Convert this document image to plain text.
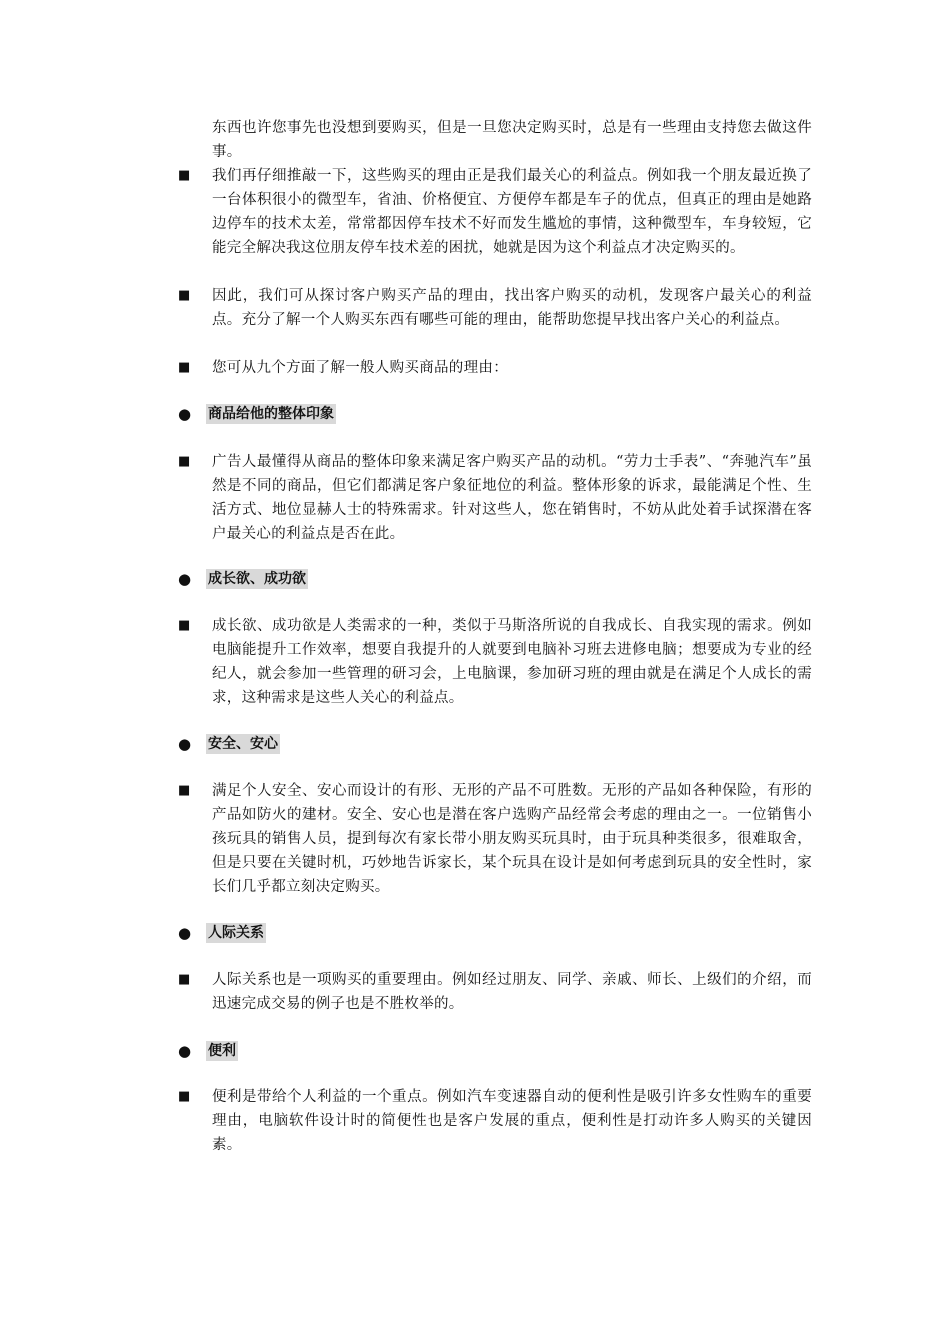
东西也许您事先也没想到要购买，但是一旦您决定购买时，总是有一些理由支持您去做这件事。
■ 我们再仔细推敲一下，这些购买的理由正是我们最关心的利益点。例如我一个朋友最近换了一台体积很小的微型车，省油、价格便宜、方便停车都是车子的优点，但真正的理由是她路边停车的技术太差，常常都因停车技术不好而发生尴尬的事情，这种微型车，车身较短，它能完全解决我这位朋友停车技术差的困扰，她就是因为这个利益点才决定购买的。
■ 因此，我们可从探讨客户购买产品的理由，找出客户购买的动机，发现客户最关心的利益点。充分了解一个人购买东西有哪些可能的理由，能帮助您提早找出客户关心的利益点。
■ 您可从九个方面了解一般人购买商品的理由：
● 商品给他的整体印象
■ 广告人最懂得从商品的整体印象来满足客户购买产品的动机。“劳力士手表”、“奔驰汽车”虽然是不同的商品，但它们都满足客户象征地位的利益。整体形象的诉求，最能满足个性、生活方式、地位显赫人士的特殊需求。针对这些人，您在销售时，不妨从此处着手试探潜在客户最关心的利益点是否在此。
● 成长欲、成功欲
■ 成长欲、成功欲是人类需求的一种，类似于马斯洛所说的自我成长、自我实现的需求。例如电脑能提升工作效率，想要自我提升的人就要到电脑补习班去进修电脑；想要成为专业的经纪人，就会参加一些管理的研习会，上电脑课，参加研习班的理由就是在满足个人成长的需求，这种需求是这些人关心的利益点。
● 安全、安心
■ 满足个人安全、安心而设计的有形、无形的产品不可胜数。无形的产品如各种保险，有形的产品如防火的建材。安全、安心也是潜在客户选购产品经常会考虑的理由之一。一位销售小孩玩具的销售人员，提到每次有家长带小朋友购买玩具时，由于玩具种类很多，很难取舍，但是只要在关键时机，巧妙地告诉家长，某个玩具在设计是如何考虑到玩具的安全性时，家长们几乎都立刻决定购买。
● 人际关系
■ 人际关系也是一项购买的重要理由。例如经过朋友、同学、亲戚、师长、上级们的介绍，而迅速完成交易的例子也是不胜枚举的。
● 便利
■ 便利是带给个人利益的一个重点。例如汽车变速器自动的便利性是吸引许多女性购车的重要理由，电脑软件设计时的简便性也是客户发展的重点，便利性是打动许多人购买的关键因素。
